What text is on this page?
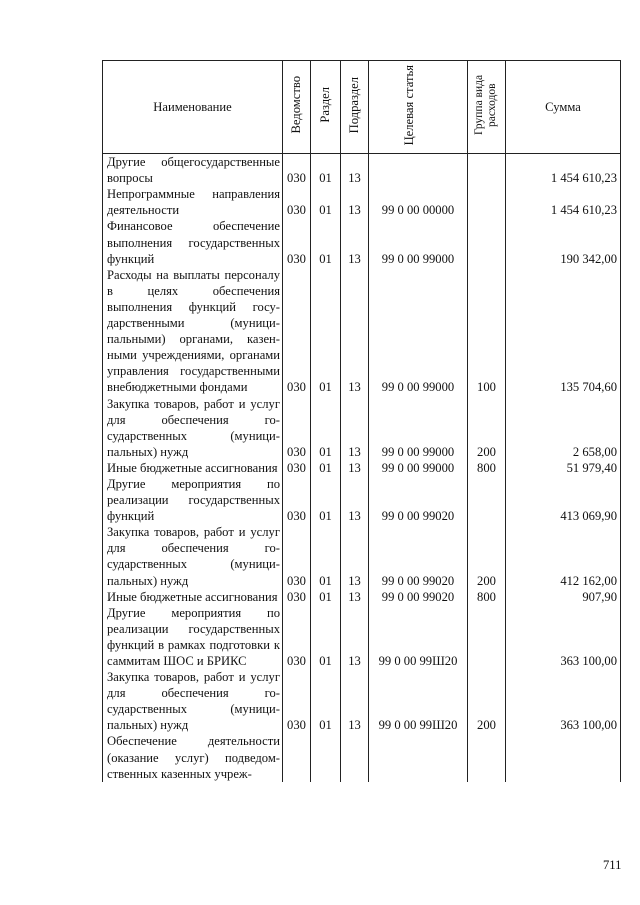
Наименование	Ведомство	Раздел	Подраздел	Целевая статья	Группа вида расходов	Сумма
Другие общегосударственные вопросы	030	01	13			1 454 610,23
Непрограммные направления деятельности	030	01	13	99 0 00 00000		1 454 610,23
Финансовое обеспечение выполнения государственных функций	030	01	13	99 0 00 99000		190 342,00
Расходы на выплаты персоналу в целях обеспечения выполнения функций государственными (муниципальными) органами, казенными учреждениями, органами управления государственными внебюджетными фондами	030	01	13	99 0 00 99000	100	135 704,60
Закупка товаров, работ и услуг для обеспечения государственных (муниципальных) нужд	030	01	13	99 0 00 99000	200	2 658,00
Иные бюджетные ассигнования	030	01	13	99 0 00 99000	800	51 979,40
Другие мероприятия по реализации государственных функций	030	01	13	99 0 00 99020		413 069,90
Закупка товаров, работ и услуг для обеспечения государственных (муниципальных) нужд	030	01	13	99 0 00 99020	200	412 162,00
Иные бюджетные ассигнования	030	01	13	99 0 00 99020	800	907,90
Другие мероприятия по реализации государственных функций в рамках подготовки к саммитам ШОС и БРИКС	030	01	13	99 0 00 99Ш20		363 100,00
Закупка товаров, работ и услуг для обеспечения государственных (муниципальных) нужд	030	01	13	99 0 00 99Ш20	200	363 100,00
Обеспечение деятельности (оказание услуг) подведомственных казенных учреж-						
711
